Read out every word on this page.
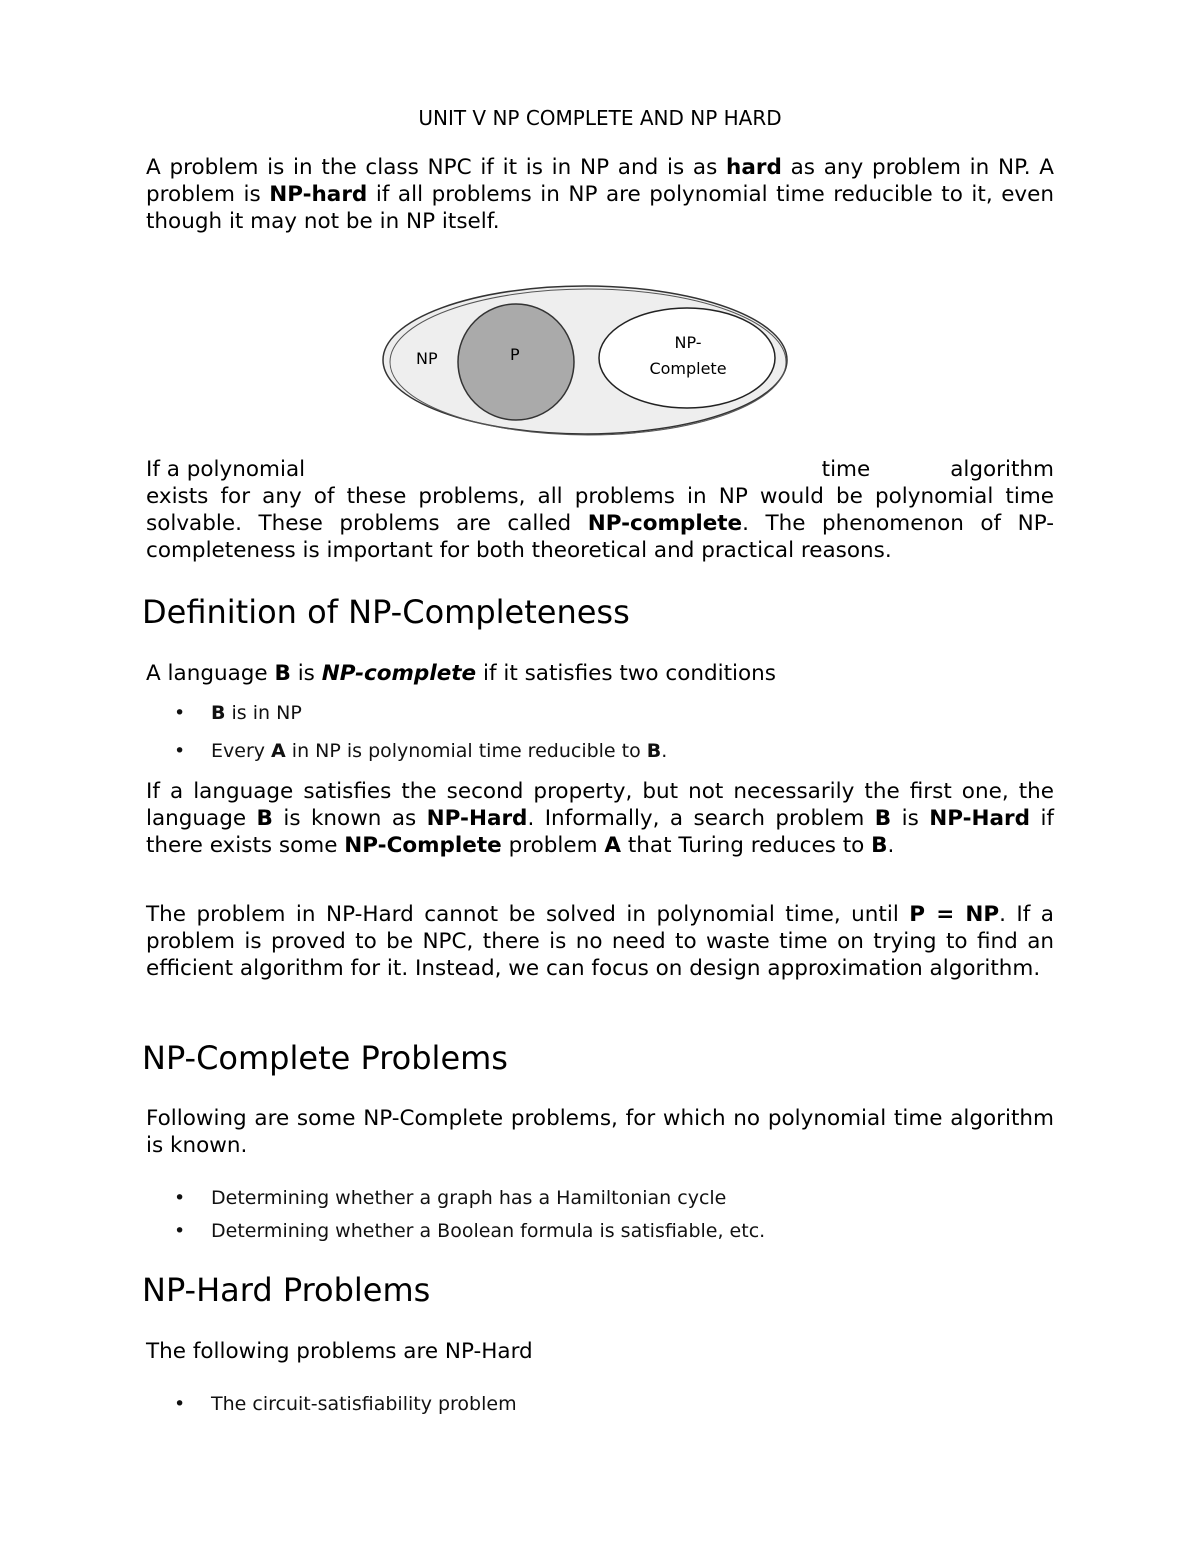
UNIT V NP COMPLETE AND NP HARD

A problem is in the class NPC if it is in NP and is as hard as any problem in NP. A problem is NP-hard if all problems in NP are polynomial time reducible to it, even though it may not be in NP itself.

NP	P
NP-
Complete
If a polynomial	time	algorithm
exists for any of these problems, all problems in NP would be polynomial time solvable. These problems are called NP-complete. The phenomenon of NP-completeness is important for both theoretical and practical reasons.
Definition of NP-Completeness

A language B is NP-complete if it satisfies two conditions

• B is in NP
• Every A in NP is polynomial time reducible to B.

If a language satisfies the second property, but not necessarily the first one, the language B is known as NP-Hard. Informally, a search problem B is NP-Hard if there exists some NP-Complete problem A that Turing reduces to B.

The problem in NP-Hard cannot be solved in polynomial time, until P = NP. If a problem is proved to be NPC, there is no need to waste time on trying to find an efficient algorithm for it. Instead, we can focus on design approximation algorithm.

NP-Complete Problems

Following are some NP-Complete problems, for which no polynomial time algorithm is known.

• Determining whether a graph has a Hamiltonian cycle
• Determining whether a Boolean formula is satisfiable, etc.
NP-Hard Problems

The following problems are NP-Hard

• The circuit-satisfiability problem
